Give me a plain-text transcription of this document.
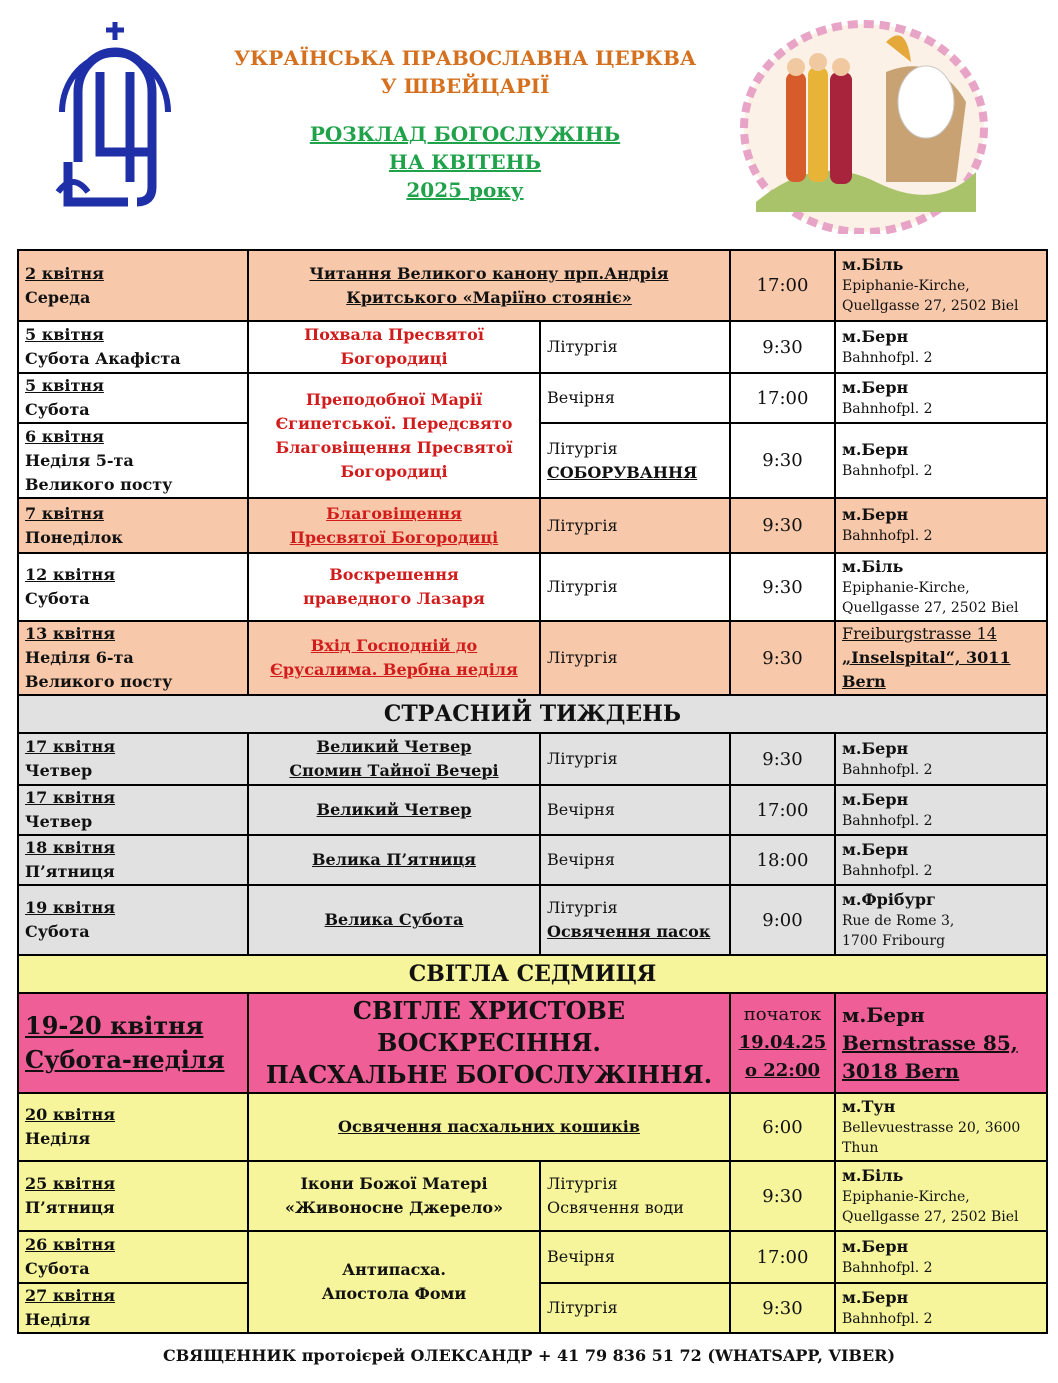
УКРАЇНСЬКА ПРАВОСЛАВНА ЦЕРКВА
У ШВЕЙЦАРІЇ
РОЗКЛАД БОГОСЛУЖІНЬ
НА КВІТЕНЬ
2025 року
2 квітня
Середа	Читання Великого канону прп.Андрія Критського «Маріїно стояніє»		17:00	м.Біль
Epiphanie-Kirche,
Quellgasse 27, 2502 Biel

5 квітня
Субота Акафіста	Похвала Пресвятої Богородиці	Літургія	9:30	м.Берн
Bahnhofpl. 2

5 квітня
Субота	Преподобної Марії Єгипетської. Передсвято Благовіщення Пресвятої Богородиці	Вечірня	17:00	м.Берн
Bahnhofpl. 2

6 квітня
Неділя 5-та
Великого посту		Літургія
СОБОРУВАННЯ	9:30	м.Берн
Bahnhofpl. 2

7 квітня
Понеділок	Благовіщення
Пресвятої Богородиці	Літургія	9:30	м.Берн
Bahnhofpl. 2

12 квітня
Субота	Воскрешення
праведного Лазаря	Літургія	9:30	м.Біль
Epiphanie-Kirche,
Quellgasse 27, 2502 Biel

13 квітня
Неділя 6-та
Великого посту	Вхід Господній до
Єрусалима. Вербна неділя	Літургія	9:30	Freiburgstrasse 14
„Inselspital“, 3011
Bern
СТРАСНИЙ ТИЖДЕНЬ				

17 квітня
Четвер	Великий Четвер
Спомин Тайної Вечері	Літургія	9:30	м.Берн
Bahnhofpl. 2

17 квітня
Четвер	Великий Четвер	Вечірня	17:00	м.Берн
Bahnhofpl. 2

18 квітня
П’ятниця	Велика П’ятниця	Вечірня	18:00	м.Берн
Bahnhofpl. 2

19 квітня
Субота	Велика Субота	Літургія
Освячення пасок	9:00	м.Фрібург
Rue de Rome 3,
1700 Fribourg
СВІТЛА СЕДМИЦЯ				

19-20 квітня
Субота-неділя	СВІТЛЕ ХРИСТОВЕ
ВОСКРЕСІННЯ.
ПАСХАЛЬНЕ БОГОСЛУЖІННЯ.		початок
19.04.25
о 22:00	м.Берн
Bernstrasse 85,
3018 Bern

20 квітня
Неділя	Освячення пасхальних кошиків		6:00	м.Тун
Bellevuestrasse 20, 3600
Thun

25 квітня
П’ятниця	Ікони Божої Матері
«Живоносне Джерело»	Літургія
Освячення води	9:30	м.Біль
Epiphanie-Kirche,
Quellgasse 27, 2502 Biel

26 квітня
Субота	Антипасха.
Апостола Фоми	Вечірня	17:00	м.Берн
Bahnhofpl. 2

27 квітня
Неділя		Літургія	9:30	м.Берн
Bahnhofpl. 2
СВЯЩЕННИК протоієрей ОЛЕКСАНДР + 41 79 836 51 72 (WHATSAPP, VIBER)
